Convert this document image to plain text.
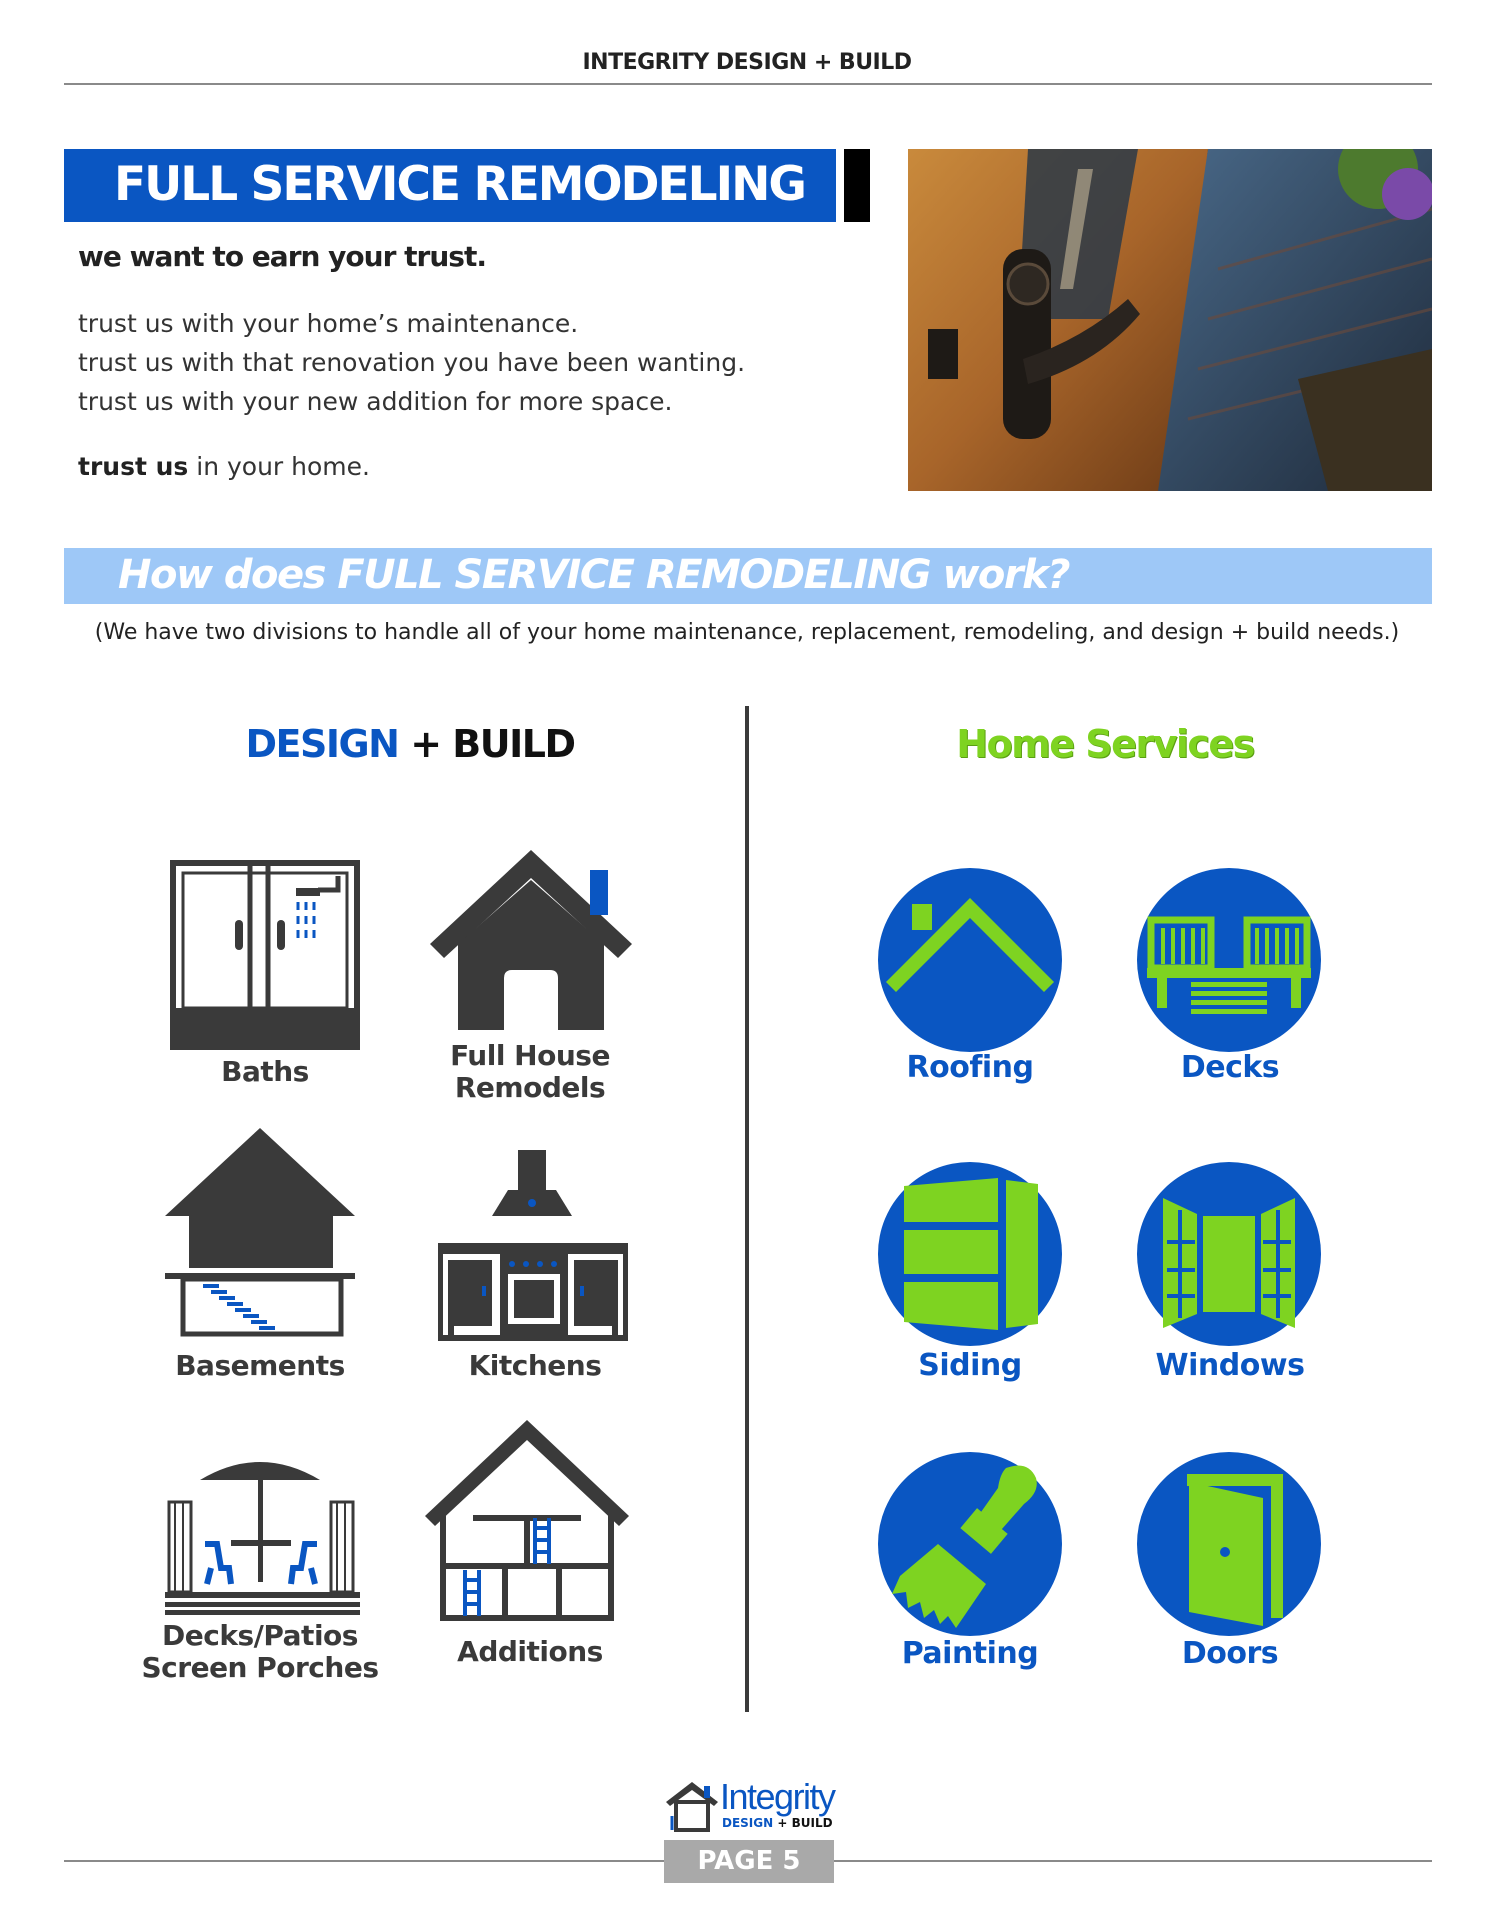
INTEGRITY DESIGN + BUILD
FULL SERVICE REMODELING
we want to earn your trust.
trust us with your home’s maintenance.
trust us with that renovation you have been wanting.
trust us with your new addition for more space.
trust us in your home.
How does FULL SERVICE REMODELING work?
(We have two divisions to handle all of your home maintenance, replacement, remodeling, and design + build needs.)
DESIGN + BUILD	Home Services
Baths	Full House
Remodels
Basements	Kitchens
Decks/Patios
Screen Porches	Additions
Roofing	Decks
Siding	Windows
Painting	Doors
Integrity
DESIGN + BUILD
PAGE 5
